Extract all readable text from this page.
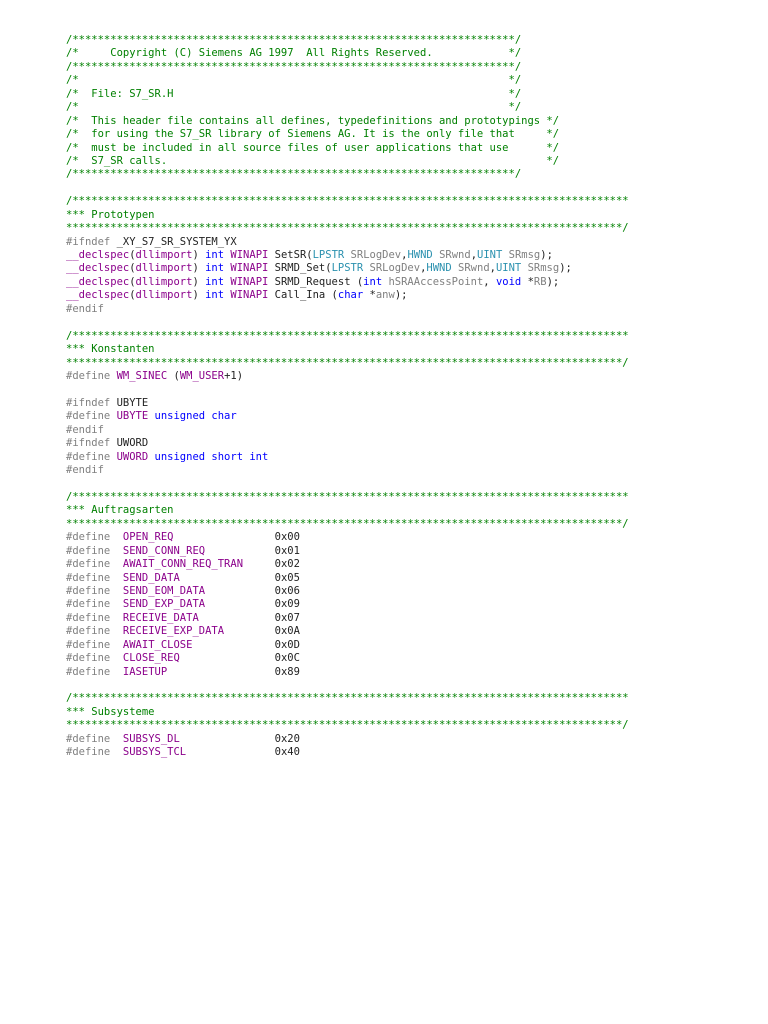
/**********************************************************************/
/*     Copyright (C) Siemens AG 1997  All Rights Reserved.            */
/**********************************************************************/
/*                                                                    */
/*  File: S7_SR.H                                                     */
/*                                                                    */
/*  This header file contains all defines, typedefinitions and prototypings */
/*  for using the S7_SR library of Siemens AG. It is the only file that     */
/*  must be included in all source files of user applications that use      */
/*  S7_SR calls.                                                            */
/**********************************************************************/

/****************************************************************************************
*** Prototypen
****************************************************************************************/
#ifndef _XY_S7_SR_SYSTEM_YX
__declspec(dllimport) int WINAPI SetSR(LPSTR SRLogDev,HWND SRwnd,UINT SRmsg);
__declspec(dllimport) int WINAPI SRMD_Set(LPSTR SRLogDev,HWND SRwnd,UINT SRmsg);
__declspec(dllimport) int WINAPI SRMD_Request (int hSRAAccessPoint, void *RB);
__declspec(dllimport) int WINAPI Call_Ina (char *anw);
#endif

/****************************************************************************************
*** Konstanten
****************************************************************************************/
#define WM_SINEC (WM_USER+1)

#ifndef UBYTE
#define UBYTE unsigned char
#endif
#ifndef UWORD
#define UWORD unsigned short int
#endif

/****************************************************************************************
*** Auftragsarten
****************************************************************************************/
#define  OPEN_REQ	0x00
#define  SEND_CONN_REQ	0x01
#define  AWAIT_CONN_REQ_TRAN	0x02
#define  SEND_DATA	0x05
#define  SEND_EOM_DATA	0x06
#define  SEND_EXP_DATA	0x09
#define  RECEIVE_DATA	0x07
#define  RECEIVE_EXP_DATA	0x0A
#define  AWAIT_CLOSE	0x0D
#define  CLOSE_REQ	0x0C
#define  IASETUP	0x89

/****************************************************************************************
*** Subsysteme
****************************************************************************************/
#define  SUBSYS_DL	0x20
#define  SUBSYS_TCL	0x40
